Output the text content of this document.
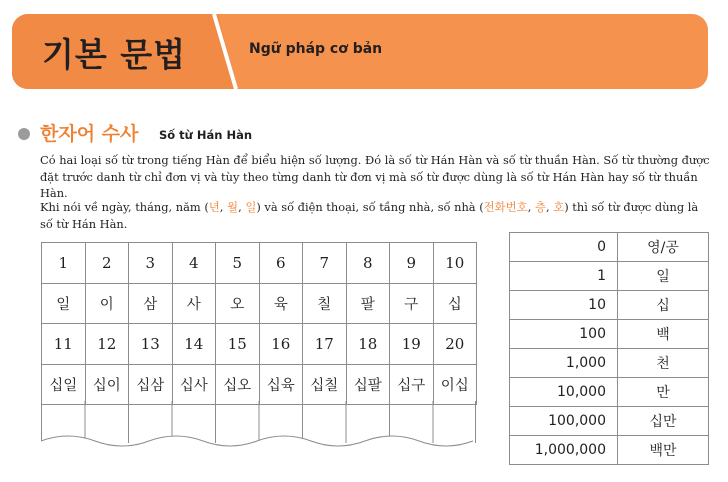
기본 문법	Ngữ pháp cơ bản
한자어 수사 Số từ Hán Hàn
Có hai loại số từ trong tiếng Hàn để biểu hiện số lượng. Đó là số từ Hán Hàn và số từ thuần Hàn. Số từ thường được đặt trước danh từ chỉ đơn vị và tùy theo từng danh từ đơn vị mà số từ được dùng là số từ Hán Hàn hay số từ thuần Hàn.
Khi nói về ngày, tháng, năm (년, 월, 일) và số điện thoại, số tầng nhà, số nhà (전화번호, 층, 호) thì số từ được dùng là số từ Hán Hàn.
1	2	3	4	5	6	7	8	9	10
일	이	삼	사	오	육	칠	팔	구	십
11	12	13	14	15	16	17	18	19	20
십일	십이	십삼	십사	십오	십육	십칠	십팔	십구	이십
0	영/공
1	일
10	십
100	백
1,000	천
10,000	만
100,000	십만
1,000,000	백만
